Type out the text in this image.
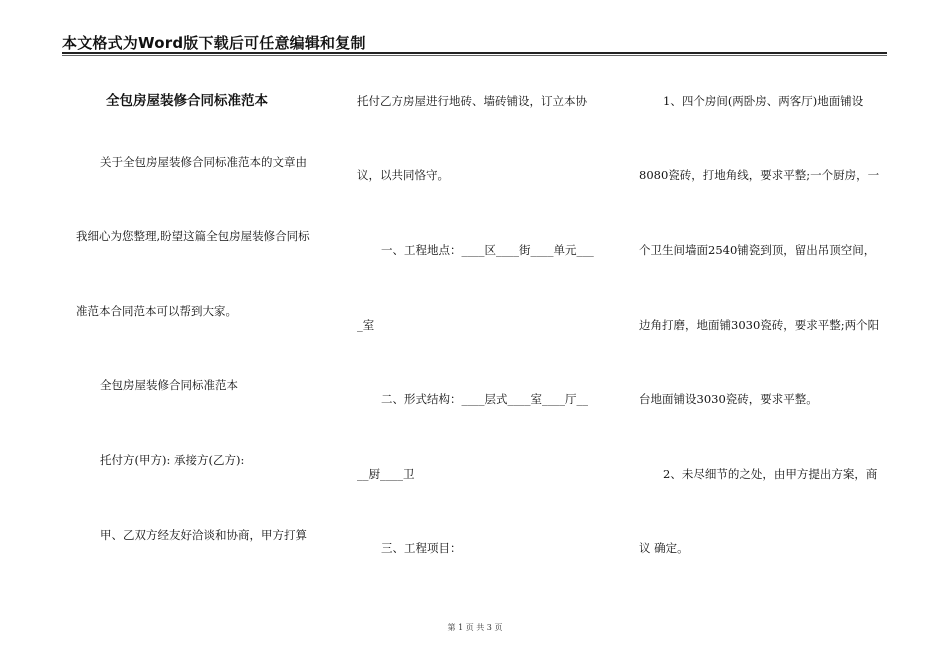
本文格式为Word版下载后可任意编辑和复制
全包房屋装修合同标准范本
关于全包房屋装修合同标准范本的文章由
我细心为您整理,盼望这篇全包房屋装修合同标
准范本合同范本可以帮到大家。
全包房屋装修合同标准范本
托付方(甲方): 承接方(乙方):
甲、乙双方经友好洽谈和协商，甲方打算
托付乙方房屋进行地砖、墙砖铺设，订立本协
议，以共同恪守。
一、工程地点：____区____街____单元___
_室
二、形式结构：____层式____室____厅__
__厨____卫
三、工程项目：
1、四个房间(两卧房、两客厅)地面铺设
8080瓷砖，打地角线，要求平整;一个厨房，一
个卫生间墙面2540铺瓷到顶，留出吊顶空间，
边角打磨，地面铺3030瓷砖，要求平整;两个阳
台地面铺设3030瓷砖，要求平整。
2、未尽细节的之处，由甲方提出方案，商
议 确定。
第 1 页 共 3 页
